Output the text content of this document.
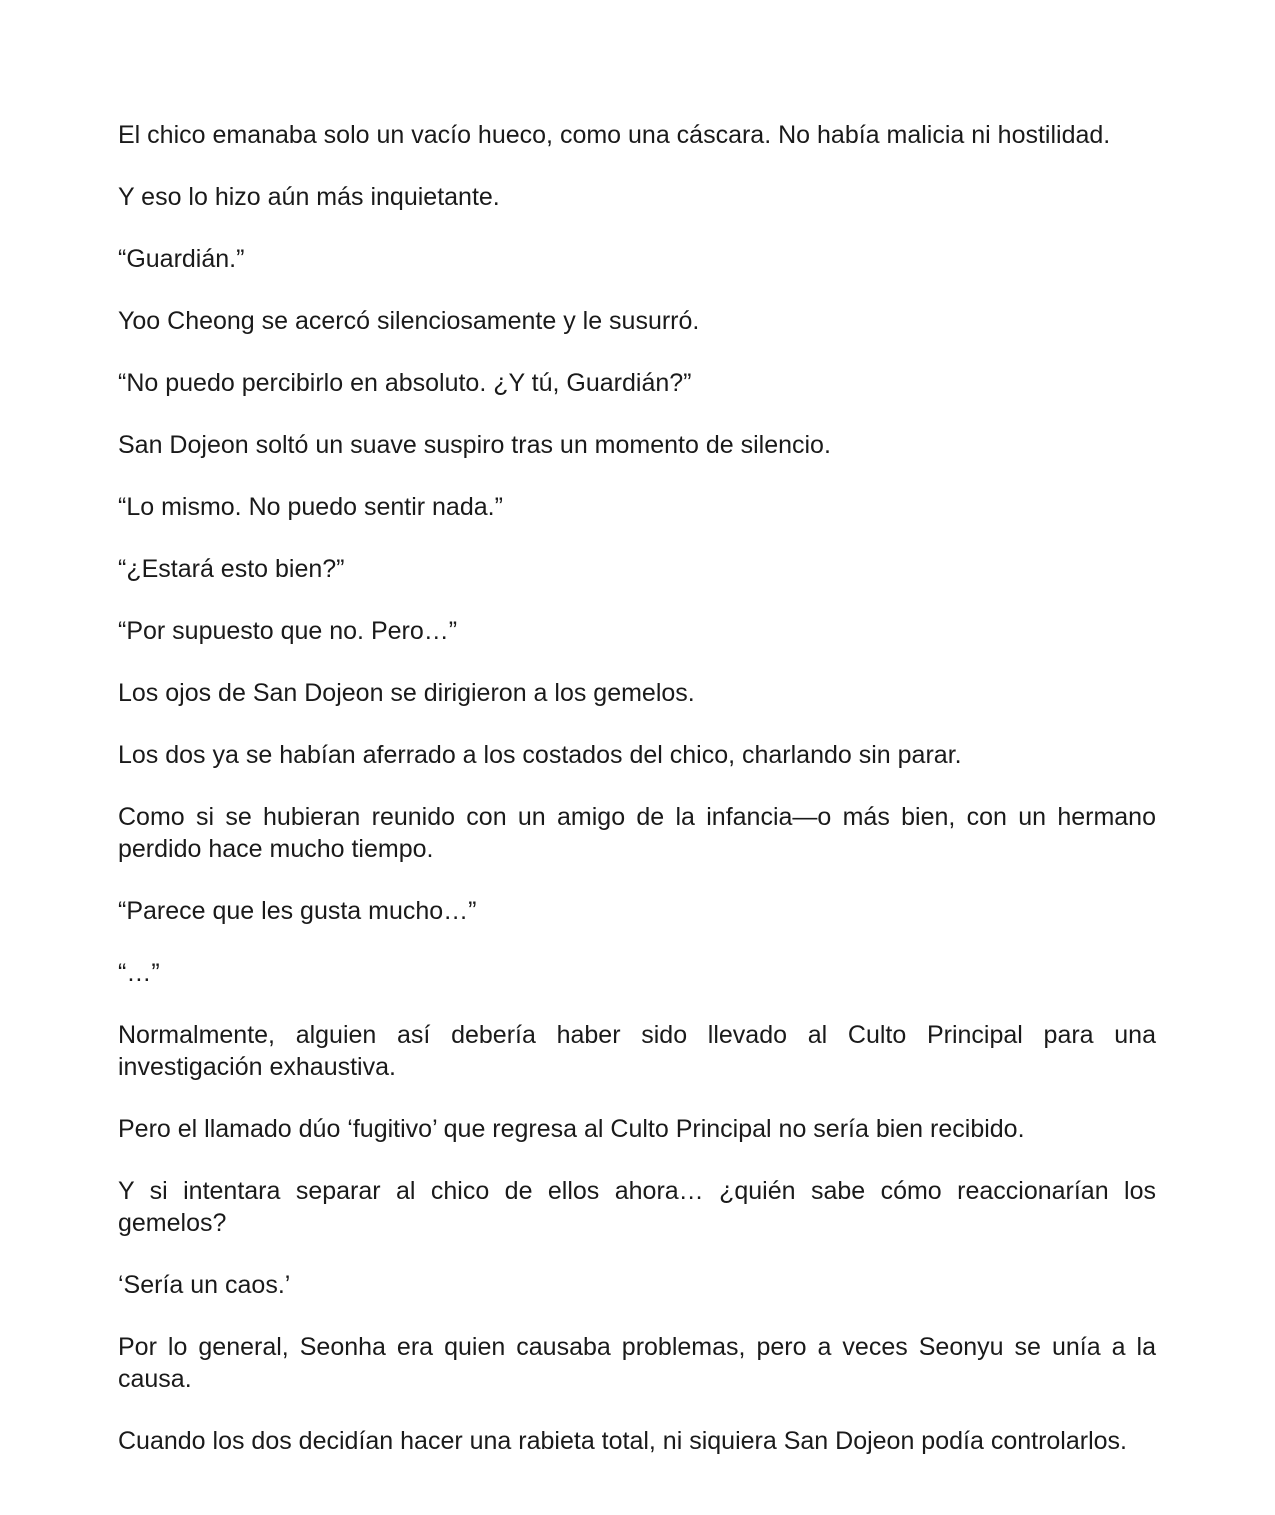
El chico emanaba solo un vacío hueco, como una cáscara. No había malicia ni hostilidad.

Y eso lo hizo aún más inquietante.

“Guardián.”

Yoo Cheong se acercó silenciosamente y le susurró.

“No puedo percibirlo en absoluto. ¿Y tú, Guardián?”

San Dojeon soltó un suave suspiro tras un momento de silencio.

“Lo mismo. No puedo sentir nada.”

“¿Estará esto bien?”

“Por supuesto que no. Pero…”

Los ojos de San Dojeon se dirigieron a los gemelos.

Los dos ya se habían aferrado a los costados del chico, charlando sin parar.

Como si se hubieran reunido con un amigo de la infancia—o más bien, con un hermano perdido hace mucho tiempo.

“Parece que les gusta mucho…”

“…”

Normalmente, alguien así debería haber sido llevado al Culto Principal para una investigación exhaustiva.

Pero el llamado dúo ‘fugitivo’ que regresa al Culto Principal no sería bien recibido.

Y si intentara separar al chico de ellos ahora… ¿quién sabe cómo reaccionarían los gemelos?

‘Sería un caos.’

Por lo general, Seonha era quien causaba problemas, pero a veces Seonyu se unía a la causa.

Cuando los dos decidían hacer una rabieta total, ni siquiera San Dojeon podía controlarlos.
